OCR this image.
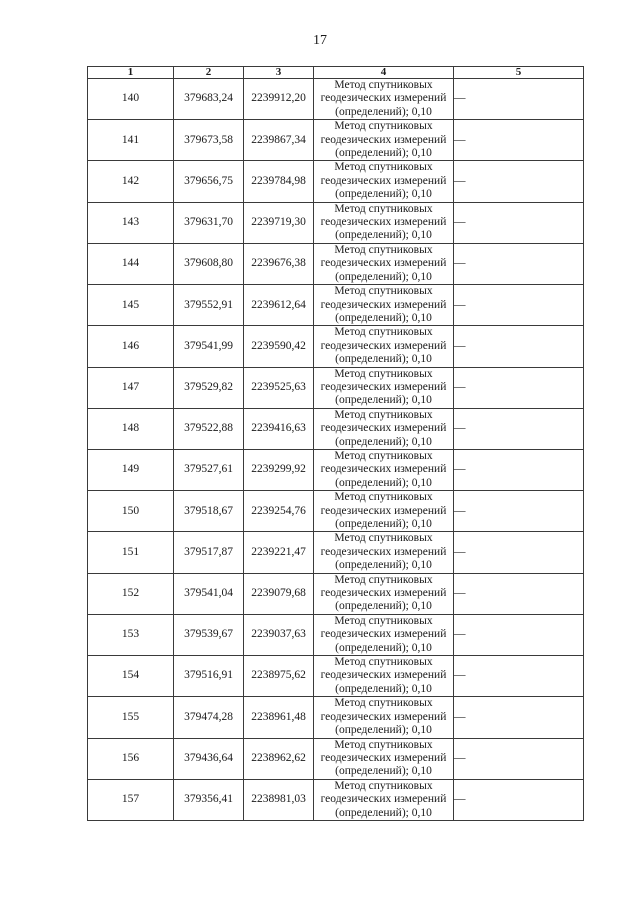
17
1	2	3	4	5
140	379683,24	2239912,20	Метод спутниковых
геодезических измерений
(определений); 0,10	—
141	379673,58	2239867,34	Метод спутниковых
геодезических измерений
(определений); 0,10	—
142	379656,75	2239784,98	Метод спутниковых
геодезических измерений
(определений); 0,10	—
143	379631,70	2239719,30	Метод спутниковых
геодезических измерений
(определений); 0,10	—
144	379608,80	2239676,38	Метод спутниковых
геодезических измерений
(определений); 0,10	—
145	379552,91	2239612,64	Метод спутниковых
геодезических измерений
(определений); 0,10	—
146	379541,99	2239590,42	Метод спутниковых
геодезических измерений
(определений); 0,10	—
147	379529,82	2239525,63	Метод спутниковых
геодезических измерений
(определений); 0,10	—
148	379522,88	2239416,63	Метод спутниковых
геодезических измерений
(определений); 0,10	—
149	379527,61	2239299,92	Метод спутниковых
геодезических измерений
(определений); 0,10	—
150	379518,67	2239254,76	Метод спутниковых
геодезических измерений
(определений); 0,10	—
151	379517,87	2239221,47	Метод спутниковых
геодезических измерений
(определений); 0,10	—
152	379541,04	2239079,68	Метод спутниковых
геодезических измерений
(определений); 0,10	—
153	379539,67	2239037,63	Метод спутниковых
геодезических измерений
(определений); 0,10	—
154	379516,91	2238975,62	Метод спутниковых
геодезических измерений
(определений); 0,10	—
155	379474,28	2238961,48	Метод спутниковых
геодезических измерений
(определений); 0,10	—
156	379436,64	2238962,62	Метод спутниковых
геодезических измерений
(определений); 0,10	—
157	379356,41	2238981,03	Метод спутниковых
геодезических измерений
(определений); 0,10	—
